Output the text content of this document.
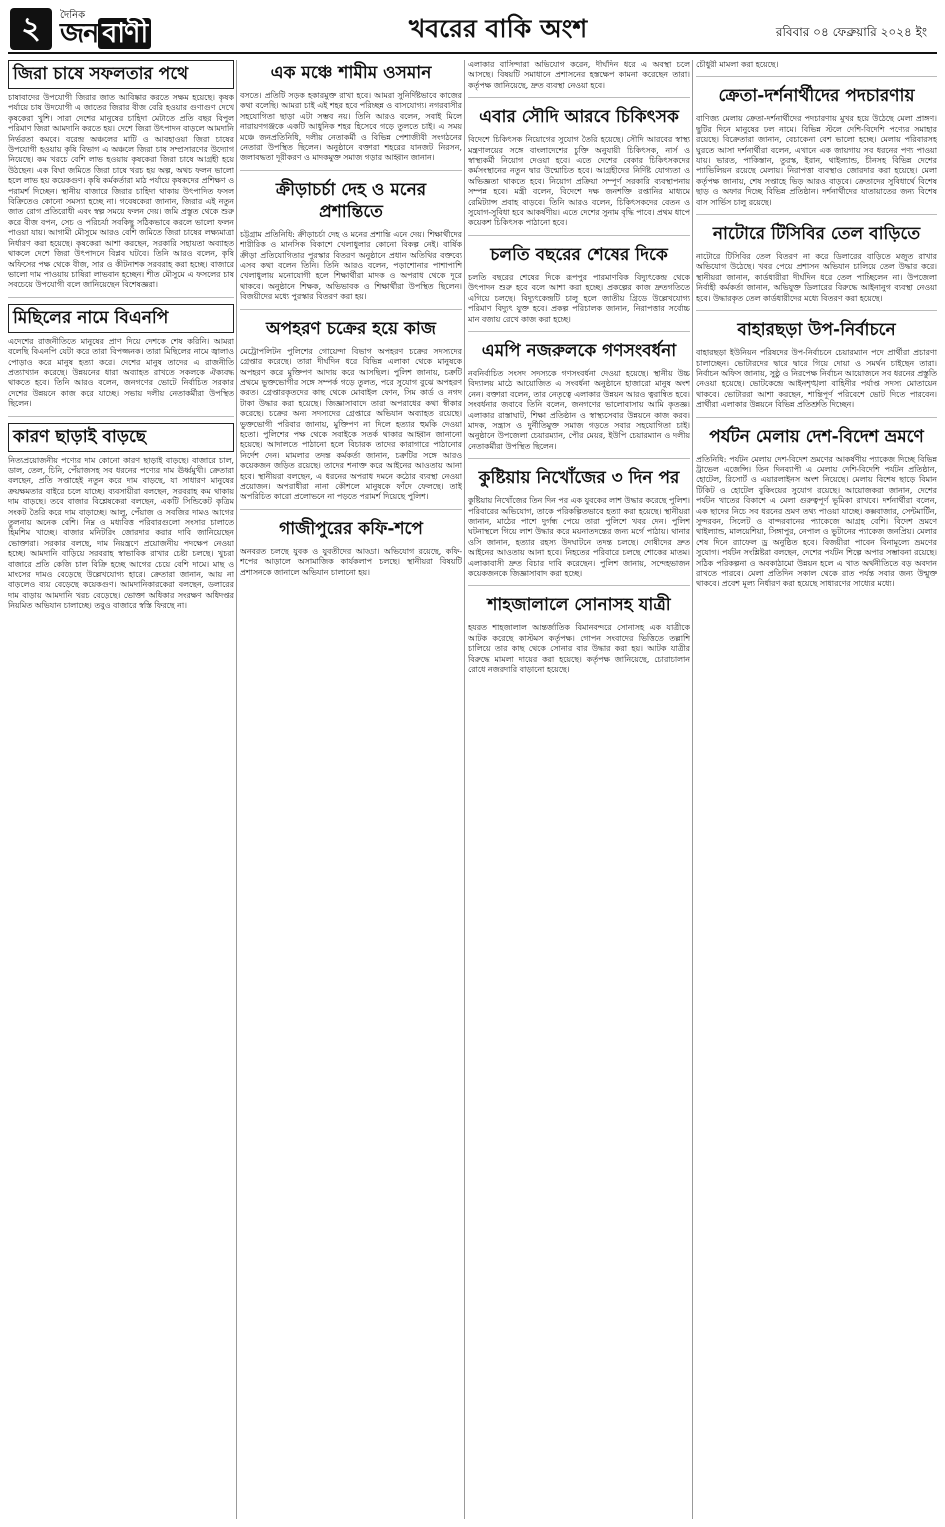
২	দৈনিক
জন বাণী	খবরের বাকি অংশ	রবিবার ০৪ ফেব্রুয়ারি ২০২৪ ইং
জিরা চাষে সফলতার পথে

চাষাবাদের উপযোগী জিরার জাত আবিষ্কার করতে সক্ষম হয়েছে। কৃষক পর্যায়ে চাষ উদযোগী এ জাতের জিরার বীজ বেরি হওয়ার গুণাগুণ দেখে কৃষকেরা খুশি। সারা দেশের মানুষের চাহিদা মেটাতে প্রতি বছর বিপুল পরিমাণ জিরা আমদানি করতে হয়। দেশে জিরা উৎপাদন বাড়লে আমদানি নির্ভরতা কমবে। বরেন্দ্র অঞ্চলের মাটি ও আবহাওয়া জিরা চাষের উপযোগী হওয়ায় কৃষি বিভাগ এ অঞ্চলে জিরা চাষ সম্প্রসারণের উদ্যোগ নিয়েছে। কম খরচে বেশি লাভ হওয়ায় কৃষকেরা জিরা চাষে আগ্রহী হয়ে উঠছেন। এক বিঘা জমিতে জিরা চাষে খরচ হয় অল্প, অথচ ফলন ভালো হলে লাভ হয় কয়েকগুণ। কৃষি কর্মকর্তারা মাঠ পর্যায়ে কৃষকদের প্রশিক্ষণ ও পরামর্শ দিচ্ছেন। স্থানীয় বাজারে জিরার চাহিদা থাকায় উৎপাদিত ফসল বিক্রিতেও কোনো সমস্যা হচ্ছে না। গবেষকেরা জানান, জিরার এই নতুন জাত রোগ প্রতিরোধী এবং স্বল্প সময়ে ফলন দেয়। জমি প্রস্তুত থেকে শুরু করে বীজ বপন, সেচ ও পরিচর্যা সবকিছু সঠিকভাবে করলে ভালো ফলন পাওয়া যায়। আগামী মৌসুমে আরও বেশি জমিতে জিরা চাষের লক্ষ্যমাত্রা নির্ধারণ করা হয়েছে। কৃষকেরা আশা করছেন, সরকারি সহায়তা অব্যাহত থাকলে দেশে জিরা উৎপাদনে বিপ্লব ঘটবে। তিনি আরও বলেন, কৃষি অফিসের পক্ষ থেকে বীজ, সার ও কীটনাশক সরবরাহ করা হচ্ছে। বাজারে ভালো দাম পাওয়ায় চাষিরা লাভবান হচ্ছেন। শীত মৌসুমে এ ফসলের চাষ সবচেয়ে উপযোগী বলে জানিয়েছেন বিশেষজ্ঞরা।

মিছিলের নামে বিএনপি

এদেশের রাজনীতিতে মানুষের প্রাণ দিয়ে দেশকে শেষ করিনি। আমরা বলেছি বিএনপি যেটা করে তারা বিপজ্জনক। তারা মিছিলের নামে জ্বালাও পোড়াও করে মানুষ হত্যা করে। দেশের মানুষ তাদের এ রাজনীতি প্রত্যাখ্যান করেছে। উন্নয়নের ধারা অব্যাহত রাখতে সকলকে ঐক্যবদ্ধ থাকতে হবে। তিনি আরও বলেন, জনগণের ভোটে নির্বাচিত সরকার দেশের উন্নয়নে কাজ করে যাচ্ছে। সভায় দলীয় নেতাকর্মীরা উপস্থিত ছিলেন।

কারণ ছাড়াই বাড়ছে

নিত্যপ্রয়োজনীয় পণ্যের দাম কোনো কারণ ছাড়াই বাড়ছে। বাজারে চাল, ডাল, তেল, চিনি, পেঁয়াজসহ সব ধরনের পণ্যের দাম ঊর্ধ্বমুখী। ক্রেতারা বলছেন, প্রতি সপ্তাহেই নতুন করে দাম বাড়ছে, যা সাধারণ মানুষের ক্রয়ক্ষমতার বাইরে চলে যাচ্ছে। ব্যবসায়ীরা বলছেন, সরবরাহ কম থাকায় দাম বাড়ছে। তবে বাজার বিশ্লেষকেরা বলছেন, একটি সিন্ডিকেট কৃত্রিম সংকট তৈরি করে দাম বাড়াচ্ছে। আলু, পেঁয়াজ ও সবজির দামও আগের তুলনায় অনেক বেশি। নিম্ন ও মধ্যবিত্ত পরিবারগুলো সংসার চালাতে হিমশিম খাচ্ছে। বাজার মনিটরিং জোরদার করার দাবি জানিয়েছেন ভোক্তারা। সরকার বলছে, দাম নিয়ন্ত্রণে প্রয়োজনীয় পদক্ষেপ নেওয়া হচ্ছে। আমদানি বাড়িয়ে সরবরাহ স্বাভাবিক রাখার চেষ্টা চলছে। খুচরা বাজারে প্রতি কেজি চাল বিক্রি হচ্ছে আগের চেয়ে বেশি দামে। মাছ ও মাংসের দামও বেড়েছে উল্লেখযোগ্য হারে। ক্রেতারা জানান, আয় না বাড়লেও ব্যয় বেড়েছে কয়েকগুণ। আমদানিকারকেরা বলছেন, ডলারের দাম বাড়ায় আমদানি খরচ বেড়েছে। ভোক্তা অধিকার সংরক্ষণ অধিদপ্তর নিয়মিত অভিযান চালাচ্ছে। তবুও বাজারে স্বস্তি ফিরছে না।

এক মঞ্চে শামীম ওসমান

বসতে। প্রতিটি সড়ক হকারমুক্ত রাখা হবে। আমরা সুনির্দিষ্টভাবে কাজের কথা বলেছি। আমরা চাই এই শহর হবে পরিচ্ছন্ন ও বাসযোগ্য। নগরবাসীর সহযোগিতা ছাড়া এটা সম্ভব নয়। তিনি আরও বলেন, সবাই মিলে নারায়ণগঞ্জকে একটি আধুনিক শহর হিসেবে গড়ে তুলতে চাই। এ সময় মঞ্চে জনপ্রতিনিধি, দলীয় নেতাকর্মী ও বিভিন্ন পেশাজীবী সংগঠনের নেতারা উপস্থিত ছিলেন। অনুষ্ঠানে বক্তারা শহরের যানজট নিরসন, জলাবদ্ধতা দূরীকরণ ও মাদকমুক্ত সমাজ গড়ার আহ্বান জানান।

ক্রীড়াচর্চা দেহ ও মনের প্রশান্তিতে

চট্টগ্রাম প্রতিনিধি: ক্রীড়াচর্চা দেহ ও মনের প্রশান্তি এনে দেয়। শিক্ষার্থীদের শারীরিক ও মানসিক বিকাশে খেলাধুলার কোনো বিকল্প নেই। বার্ষিক ক্রীড়া প্রতিযোগিতার পুরস্কার বিতরণ অনুষ্ঠানে প্রধান অতিথির বক্তব্যে এসব কথা বলেন তিনি। তিনি আরও বলেন, পড়াশোনার পাশাপাশি খেলাধুলায় মনোযোগী হলে শিক্ষার্থীরা মাদক ও অপরাধ থেকে দূরে থাকবে। অনুষ্ঠানে শিক্ষক, অভিভাবক ও শিক্ষার্থীরা উপস্থিত ছিলেন। বিজয়ীদের মধ্যে পুরস্কার বিতরণ করা হয়।

অপহরণ চক্রের হয়ে কাজ

মেট্রোপলিটন পুলিশের গোয়েন্দা বিভাগ অপহরণ চক্রের সদস্যদের গ্রেপ্তার করেছে। তারা দীর্ঘদিন ধরে বিভিন্ন এলাকা থেকে মানুষকে অপহরণ করে মুক্তিপণ আদায় করে আসছিল। পুলিশ জানায়, চক্রটি প্রথমে ভুক্তভোগীর সঙ্গে সম্পর্ক গড়ে তুলত, পরে সুযোগ বুঝে অপহরণ করত। গ্রেপ্তারকৃতদের কাছ থেকে মোবাইল ফোন, সিম কার্ড ও নগদ টাকা উদ্ধার করা হয়েছে। জিজ্ঞাসাবাদে তারা অপরাধের কথা স্বীকার করেছে। চক্রের অন্য সদস্যদের গ্রেপ্তারে অভিযান অব্যাহত রয়েছে। ভুক্তভোগী পরিবার জানায়, মুক্তিপণ না দিলে হত্যার হুমকি দেওয়া হতো। পুলিশের পক্ষ থেকে সবাইকে সতর্ক থাকার আহ্বান জানানো হয়েছে। আদালতে পাঠানো হলে বিচারক তাদের কারাগারে পাঠানোর নির্দেশ দেন। মামলার তদন্ত কর্মকর্তা জানান, চক্রটির সঙ্গে আরও কয়েকজন জড়িত রয়েছে। তাদের শনাক্ত করে আইনের আওতায় আনা হবে। স্থানীয়রা বলছেন, এ ধরনের অপরাধ দমনে কঠোর ব্যবস্থা নেওয়া প্রয়োজন। অপরাধীরা নানা কৌশলে মানুষকে ফাঁদে ফেলছে। তাই অপরিচিত কারো প্রলোভনে না পড়তে পরামর্শ দিয়েছে পুলিশ।

গাজীপুরের কফি-শপে

অনবরত চলছে যুবক ও যুবতীদের আড্ডা। অভিযোগ রয়েছে, কফি-শপের আড়ালে অসামাজিক কার্যকলাপ চলছে। স্থানীয়রা বিষয়টি প্রশাসনকে জানালে অভিযান চালানো হয়।

এলাকার বাসিন্দারা অভিযোগ করেন, দীর্ঘদিন ধরে এ অবস্থা চলে আসছে। বিষয়টি সমাধানে প্রশাসনের হস্তক্ষেপ কামনা করেছেন তারা। কর্তৃপক্ষ জানিয়েছে, দ্রুত ব্যবস্থা নেওয়া হবে।

এবার সৌদি আরবে চিকিৎসক

বিদেশে চিকিৎসক নিয়োগের সুযোগ তৈরি হয়েছে। সৌদি আরবের স্বাস্থ্য মন্ত্রণালয়ের সঙ্গে বাংলাদেশের চুক্তি অনুযায়ী চিকিৎসক, নার্স ও স্বাস্থ্যকর্মী নিয়োগ দেওয়া হবে। এতে দেশের বেকার চিকিৎসকদের কর্মসংস্থানের নতুন দ্বার উন্মোচিত হবে। আগ্রহীদের নির্দিষ্ট যোগ্যতা ও অভিজ্ঞতা থাকতে হবে। নিয়োগ প্রক্রিয়া সম্পূর্ণ সরকারি ব্যবস্থাপনায় সম্পন্ন হবে। মন্ত্রী বলেন, বিদেশে দক্ষ জনশক্তি রপ্তানির মাধ্যমে রেমিট্যান্স প্রবাহ বাড়বে। তিনি আরও বলেন, চিকিৎসকদের বেতন ও সুযোগ-সুবিধা হবে আকর্ষণীয়। এতে দেশের সুনাম বৃদ্ধি পাবে। প্রথম ধাপে কয়েকশ চিকিৎসক পাঠানো হবে।

চলতি বছরের শেষের দিকে

চলতি বছরের শেষের দিকে রূপপুর পারমাণবিক বিদ্যুৎকেন্দ্র থেকে উৎপাদন শুরু হবে বলে আশা করা হচ্ছে। প্রকল্পের কাজ দ্রুতগতিতে এগিয়ে চলছে। বিদ্যুৎকেন্দ্রটি চালু হলে জাতীয় গ্রিডে উল্লেখযোগ্য পরিমাণ বিদ্যুৎ যুক্ত হবে। প্রকল্প পরিচালক জানান, নিরাপত্তার সর্বোচ্চ মান বজায় রেখে কাজ করা হচ্ছে।

এমপি নজরুলকে গণসংবর্ধনা

নবনির্বাচিত সংসদ সদস্যকে গণসংবর্ধনা দেওয়া হয়েছে। স্থানীয় উচ্চ বিদ্যালয় মাঠে আয়োজিত এ সংবর্ধনা অনুষ্ঠানে হাজারো মানুষ অংশ নেন। বক্তারা বলেন, তার নেতৃত্বে এলাকার উন্নয়ন আরও ত্বরান্বিত হবে। সংবর্ধনার জবাবে তিনি বলেন, জনগণের ভালোবাসায় আমি কৃতজ্ঞ। এলাকার রাস্তাঘাট, শিক্ষা প্রতিষ্ঠান ও স্বাস্থ্যসেবার উন্নয়নে কাজ করব। মাদক, সন্ত্রাস ও দুর্নীতিমুক্ত সমাজ গড়তে সবার সহযোগিতা চাই। অনুষ্ঠানে উপজেলা চেয়ারম্যান, পৌর মেয়র, ইউপি চেয়ারম্যান ও দলীয় নেতাকর্মীরা উপস্থিত ছিলেন।

কুষ্টিয়ায় নিখোঁজের ৩ দিন পর

কুষ্টিয়ায় নিখোঁজের তিন দিন পর এক যুবকের লাশ উদ্ধার করেছে পুলিশ। পরিবারের অভিযোগ, তাকে পরিকল্পিতভাবে হত্যা করা হয়েছে। স্থানীয়রা জানান, মাঠের পাশে দুর্গন্ধ পেয়ে তারা পুলিশে খবর দেন। পুলিশ ঘটনাস্থলে গিয়ে লাশ উদ্ধার করে ময়নাতদন্তের জন্য মর্গে পাঠায়। থানার ওসি জানান, হত্যার রহস্য উদঘাটনে তদন্ত চলছে। দোষীদের দ্রুত আইনের আওতায় আনা হবে। নিহতের পরিবারে চলছে শোকের মাতম। এলাকাবাসী দ্রুত বিচার দাবি করেছেন। পুলিশ জানায়, সন্দেহভাজন কয়েকজনকে জিজ্ঞাসাবাদ করা হচ্ছে।

শাহজালালে সোনাসহ যাত্রী

হযরত শাহজালাল আন্তর্জাতিক বিমানবন্দরে সোনাসহ এক যাত্রীকে আটক করেছে কাস্টমস কর্তৃপক্ষ। গোপন সংবাদের ভিত্তিতে তল্লাশি চালিয়ে তার কাছ থেকে সোনার বার উদ্ধার করা হয়। আটক যাত্রীর বিরুদ্ধে মামলা দায়ের করা হয়েছে। কর্তৃপক্ষ জানিয়েছে, চোরাচালান রোধে নজরদারি বাড়ানো হয়েছে।

চৌধুরী মামলা করা হয়েছে।

ক্রেতা-দর্শনার্থীদের পদচারণায়

বাণিজ্য মেলায় ক্রেতা-দর্শনার্থীদের পদচারণায় মুখর হয়ে উঠেছে মেলা প্রাঙ্গণ। ছুটির দিনে মানুষের ঢল নামে। বিভিন্ন স্টলে দেশি-বিদেশি পণ্যের সমাহার রয়েছে। বিক্রেতারা জানান, বেচাকেনা বেশ ভালো হচ্ছে। মেলায় পরিবারসহ ঘুরতে আসা দর্শনার্থীরা বলেন, এখানে এক জায়গায় সব ধরনের পণ্য পাওয়া যায়। ভারত, পাকিস্তান, তুরস্ক, ইরান, থাইল্যান্ড, চীনসহ বিভিন্ন দেশের প্যাভিলিয়ন রয়েছে মেলায়। নিরাপত্তা ব্যবস্থাও জোরদার করা হয়েছে। মেলা কর্তৃপক্ষ জানায়, শেষ সপ্তাহে ভিড় আরও বাড়বে। ক্রেতাদের সুবিধার্থে বিশেষ ছাড় ও অফার দিচ্ছে বিভিন্ন প্রতিষ্ঠান। দর্শনার্থীদের যাতায়াতের জন্য বিশেষ বাস সার্ভিস চালু রয়েছে।

নাটোরে টিসিবির তেল বাড়িতে

নাটোরে টিসিবির তেল বিতরণ না করে ডিলারের বাড়িতে মজুত রাখার অভিযোগ উঠেছে। খবর পেয়ে প্রশাসন অভিযান চালিয়ে তেল উদ্ধার করে। স্থানীয়রা জানান, কার্ডধারীরা দীর্ঘদিন ধরে তেল পাচ্ছিলেন না। উপজেলা নির্বাহী কর্মকর্তা জানান, অভিযুক্ত ডিলারের বিরুদ্ধে আইনানুগ ব্যবস্থা নেওয়া হবে। উদ্ধারকৃত তেল কার্ডধারীদের মধ্যে বিতরণ করা হয়েছে।

বাহারছড়া উপ-নির্বাচনে

বাহারছড়া ইউনিয়ন পরিষদের উপ-নির্বাচনে চেয়ারম্যান পদে প্রার্থীরা প্রচারণা চালাচ্ছেন। ভোটারদের দ্বারে দ্বারে গিয়ে দোয়া ও সমর্থন চাইছেন তারা। নির্বাচন অফিস জানায়, সুষ্ঠু ও নিরপেক্ষ নির্বাচন আয়োজনে সব ধরনের প্রস্তুতি নেওয়া হয়েছে। ভোটকেন্দ্রে আইনশৃঙ্খলা বাহিনীর পর্যাপ্ত সদস্য মোতায়েন থাকবে। ভোটাররা আশা করছেন, শান্তিপূর্ণ পরিবেশে ভোট দিতে পারবেন। প্রার্থীরা এলাকার উন্নয়নে বিভিন্ন প্রতিশ্রুতি দিচ্ছেন।

পর্যটন মেলায় দেশ-বিদেশ ভ্রমণে

প্রতিনিধি: পর্যটন মেলায় দেশ-বিদেশ ভ্রমণের আকর্ষণীয় প্যাকেজ দিচ্ছে বিভিন্ন ট্রাভেল এজেন্সি। তিন দিনব্যাপী এ মেলায় দেশি-বিদেশি পর্যটন প্রতিষ্ঠান, হোটেল, রিসোর্ট ও এয়ারলাইনস অংশ নিয়েছে। মেলায় বিশেষ ছাড়ে বিমান টিকিট ও হোটেল বুকিংয়ের সুযোগ রয়েছে। আয়োজকরা জানান, দেশের পর্যটন খাতের বিকাশে এ মেলা গুরুত্বপূর্ণ ভূমিকা রাখবে। দর্শনার্থীরা বলেন, এক ছাদের নিচে সব ধরনের ভ্রমণ তথ্য পাওয়া যাচ্ছে। কক্সবাজার, সেন্টমার্টিন, সুন্দরবন, সিলেট ও বান্দরবানের প্যাকেজে আগ্রহ বেশি। বিদেশ ভ্রমণে থাইল্যান্ড, মালয়েশিয়া, সিঙ্গাপুর, নেপাল ও ভুটানের প্যাকেজ জনপ্রিয়। মেলার শেষ দিনে র‍্যাফেল ড্র অনুষ্ঠিত হবে। বিজয়ীরা পাবেন বিনামূল্যে ভ্রমণের সুযোগ। পর্যটন সংশ্লিষ্টরা বলছেন, দেশের পর্যটন শিল্পে অপার সম্ভাবনা রয়েছে। সঠিক পরিকল্পনা ও অবকাঠামো উন্নয়ন হলে এ খাত অর্থনীতিতে বড় অবদান রাখতে পারবে। মেলা প্রতিদিন সকাল থেকে রাত পর্যন্ত সবার জন্য উন্মুক্ত থাকবে। প্রবেশ মূল্য নির্ধারণ করা হয়েছে সাধারণের সাধ্যের মধ্যে।
